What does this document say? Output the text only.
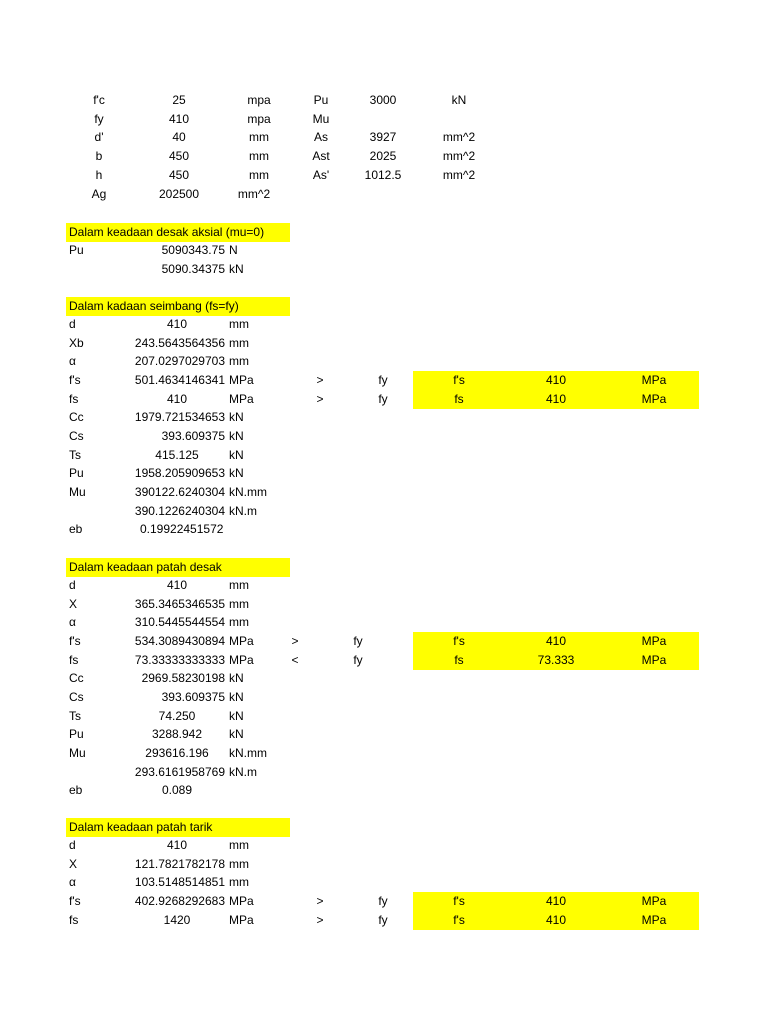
f'c	25	mpa	Pu	3000	kN
fy	410	mpa	Mu
d'	40	mm	As	3927	mm^2
b	450	mm	Ast	2025	mm^2
h	450	mm	As'	1012.5	mm^2
Ag	202500	mm^2
Dalam keadaan desak aksial (mu=0)
Pu	5090343.75 N
5090.34375 kN
Dalam kadaan seimbang (fs=fy)
d	410	mm
Xb	243.5643564356 mm
α	207.0297029703 mm
f's	501.4634146341 MPa	>	fy	f's	410	MPa
fs	410	MPa	>	fy	fs	410	MPa
Cc	1979.721534653 kN
Cs	393.609375 kN
Ts	415.125	kN
Pu	1958.205909653 kN
Mu	390122.6240304 kN.mm
390.1226240304 kN.m
eb	0.19922451572
Dalam keadaan patah desak
d	410	mm
X	365.3465346535 mm
α	310.5445544554 mm
f's	534.3089430894 MPa	>	fy	f's	410	MPa
fs	73.33333333333 MPa	<	fy	fs	73.333	MPa
Cc	2969.58230198 kN
Cs	393.609375 kN
Ts	74.250	kN
Pu	3288.942	kN
Mu	293616.196	kN.mm
293.6161958769 kN.m
eb	0.089
Dalam keadaan patah tarik
d	410	mm
X	121.7821782178 mm
α	103.5148514851 mm
f's	402.9268292683 MPa	>	fy	f's	410	MPa
fs	1420	MPa	>	fy	f's	410	MPa
